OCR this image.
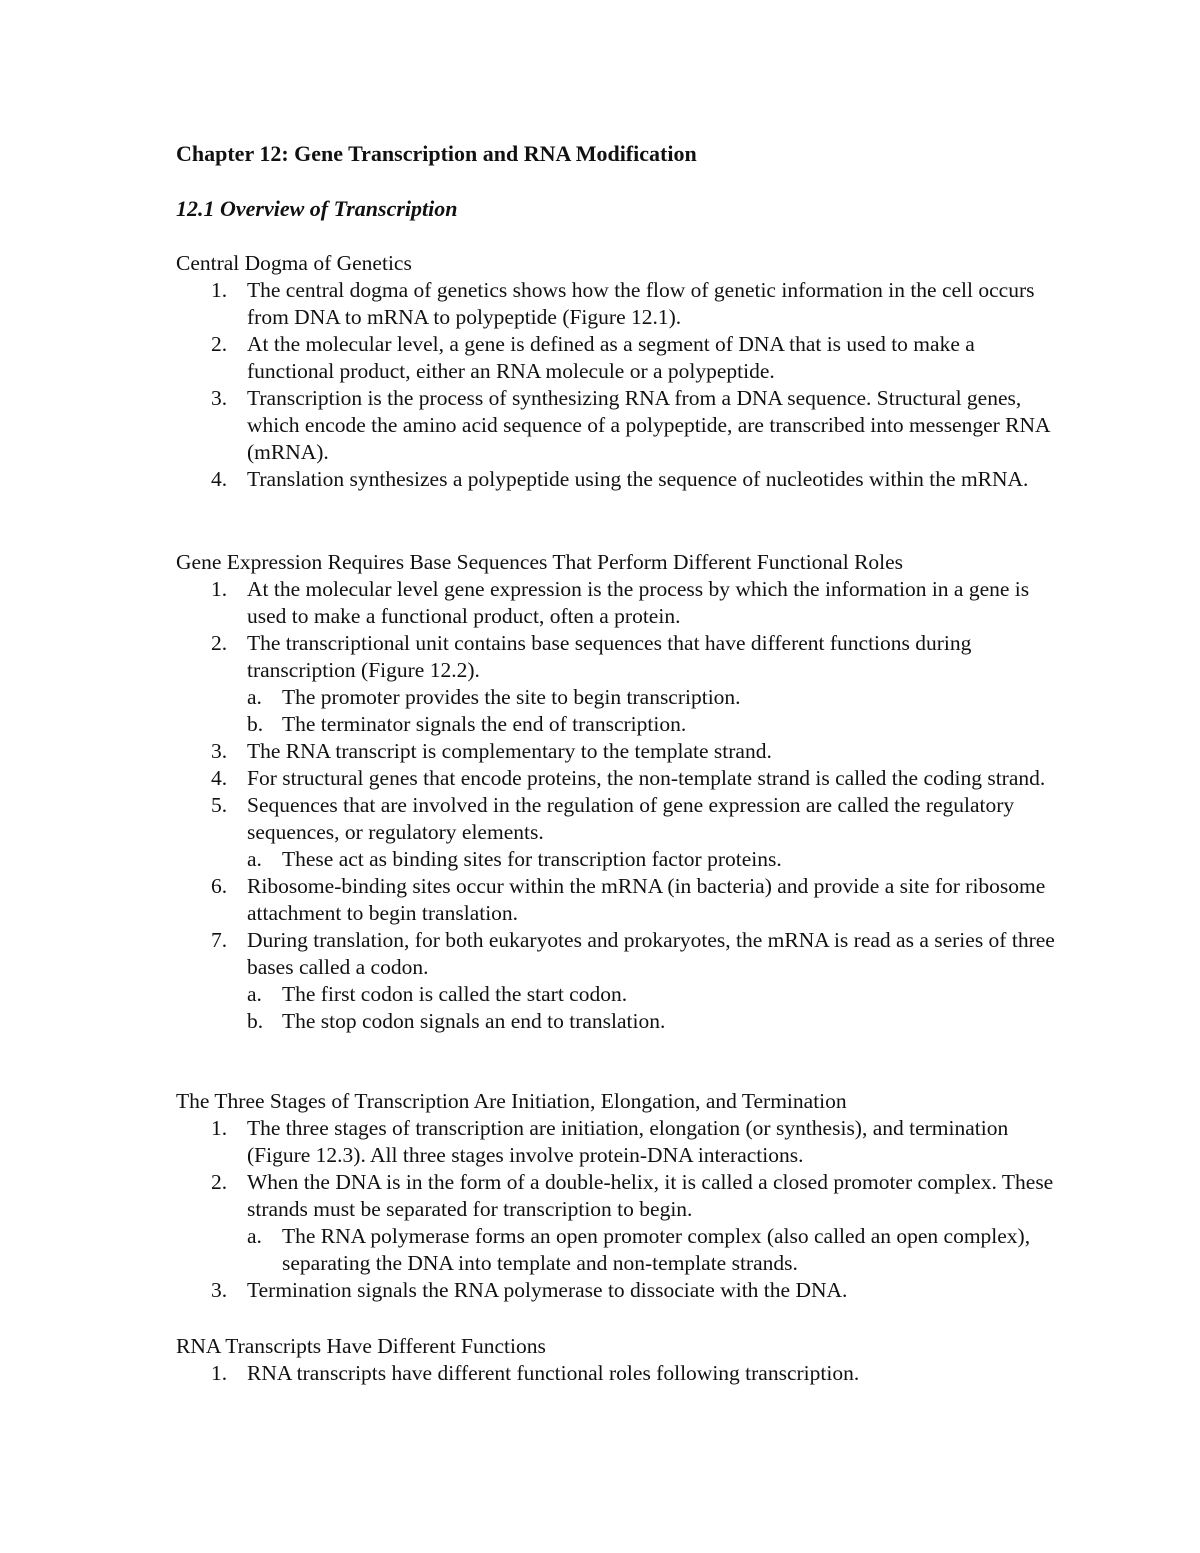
Chapter 12: Gene Transcription and RNA Modification
12.1 Overview of Transcription
Central Dogma of Genetics
1. The central dogma of genetics shows how the flow of genetic information in the cell occurs from DNA to mRNA to polypeptide (Figure 12.1).
2. At the molecular level, a gene is defined as a segment of DNA that is used to make a functional product, either an RNA molecule or a polypeptide.
3. Transcription is the process of synthesizing RNA from a DNA sequence. Structural genes, which encode the amino acid sequence of a polypeptide, are transcribed into messenger RNA (mRNA).
4. Translation synthesizes a polypeptide using the sequence of nucleotides within the mRNA.
Gene Expression Requires Base Sequences That Perform Different Functional Roles
1. At the molecular level gene expression is the process by which the information in a gene is used to make a functional product, often a protein.
2. The transcriptional unit contains base sequences that have different functions during transcription (Figure 12.2).
a. The promoter provides the site to begin transcription.
b. The terminator signals the end of transcription.
3. The RNA transcript is complementary to the template strand.
4. For structural genes that encode proteins, the non-template strand is called the coding strand.
5. Sequences that are involved in the regulation of gene expression are called the regulatory sequences, or regulatory elements.
a. These act as binding sites for transcription factor proteins.
6. Ribosome-binding sites occur within the mRNA (in bacteria) and provide a site for ribosome attachment to begin translation.
7. During translation, for both eukaryotes and prokaryotes, the mRNA is read as a series of three bases called a codon.
a. The first codon is called the start codon.
b. The stop codon signals an end to translation.
The Three Stages of Transcription Are Initiation, Elongation, and Termination
1. The three stages of transcription are initiation, elongation (or synthesis), and termination (Figure 12.3). All three stages involve protein-DNA interactions.
2. When the DNA is in the form of a double-helix, it is called a closed promoter complex. These strands must be separated for transcription to begin.
a. The RNA polymerase forms an open promoter complex (also called an open complex), separating the DNA into template and non-template strands.
3. Termination signals the RNA polymerase to dissociate with the DNA.
RNA Transcripts Have Different Functions
1. RNA transcripts have different functional roles following transcription.
